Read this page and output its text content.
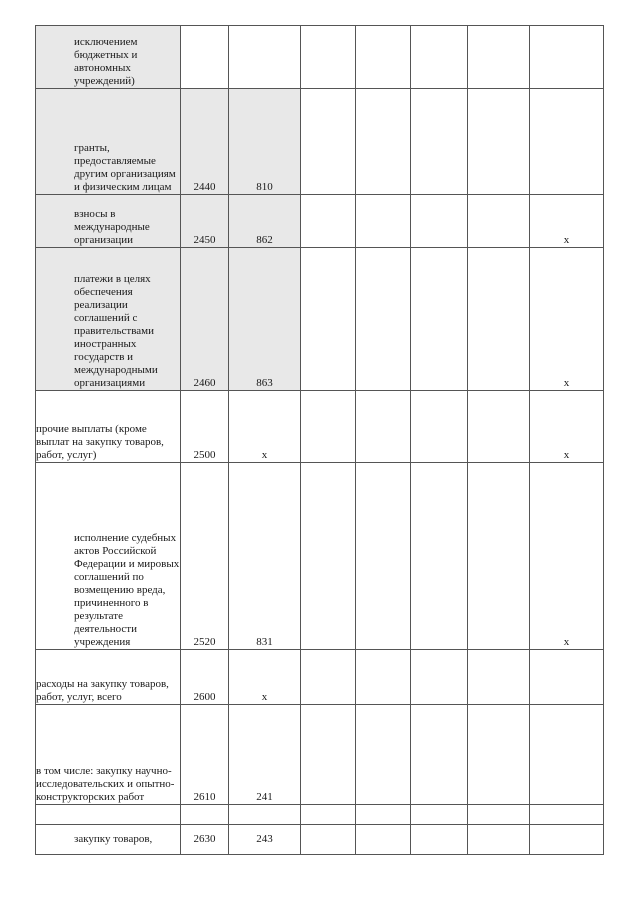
исключением бюджетных и автономных учреждений)							

гранты, предоставляемые другим организациям и физическим лицам	2440	810					

взносы в международные организации	2450	862					x

платежи в целях обеспечения реализации соглашений с правительствами иностранных государств и международными организациями	2460	863					x

прочие выплаты (кроме выплат на закупку товаров, работ, услуг)	2500	x					x

исполнение судебных актов Российской Федерации и мировых соглашений по возмещению вреда, причиненного в результате деятельности учреждения	2520	831					x

расходы на закупку товаров, работ, услуг, всего	2600	x					

в том числе: закупку научно-исследовательских и опытно-конструкторских работ	2610	241					

закупку товаров,	2630	243					
